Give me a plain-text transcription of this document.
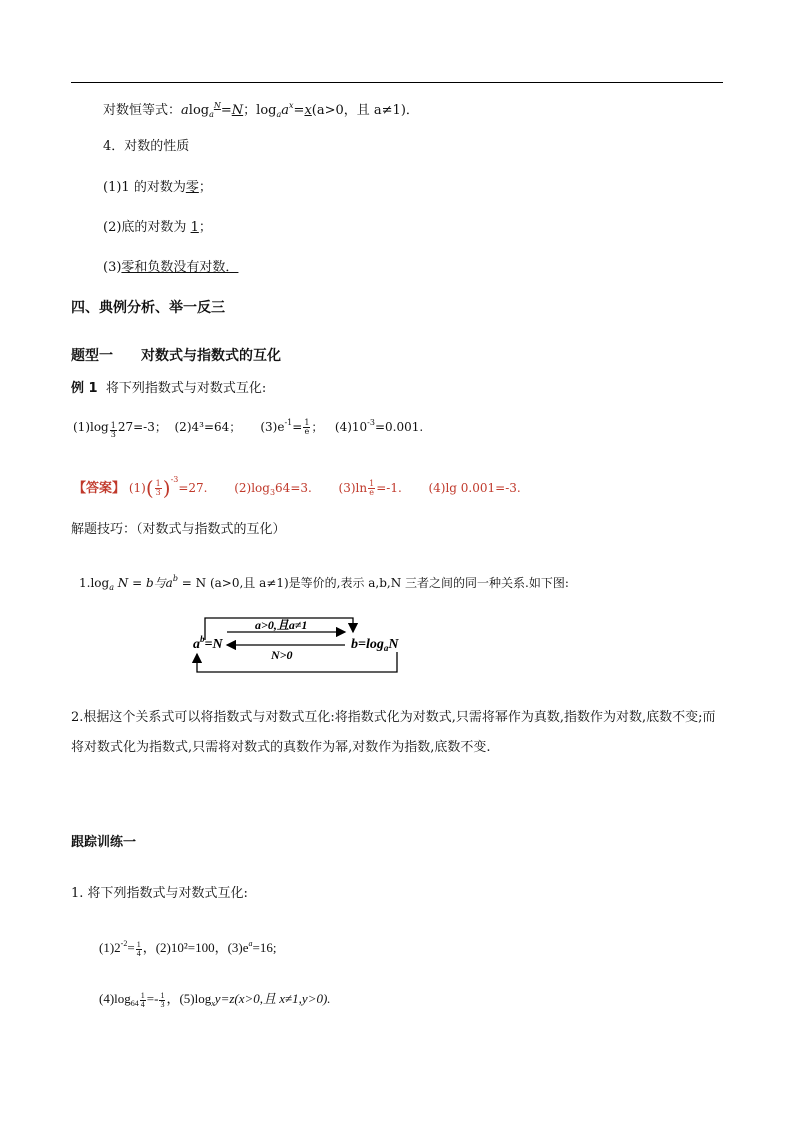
对数恒等式：alog$_a^N$=N；$\log_aa^x=x(a>0$，且 a≠1)．
4．对数的性质
(1)1 的对数为零；
(2)底的对数为 1；
(3)零和负数没有对数．
四、典例分析、举一反三
题型一 对数式与指数式的互化
例 1 将下列指数式与对数式互化:
$(1)\log \frac{1}{3} 27=-3$； (2)4³=64； $(3)e^{-1}= \frac{1}{e}$ ； $(4)10^{-3}=0.001$.
【答案】 $(1)( \frac{1}{3} )^{-3}=27$. $(2)\log_364=3$. $(3)\ln \frac{1}{e} =-1$. (4)lg 0.001=-3.
解题技巧：（对数式与指数式的互化）
$1.\log_a$ N = b与$a^b = N$ (a>0,且 a≠1)是等价的,表示 a,b,N 三者之间的同一种关系.如下图:
a>0,且a≠1
N>0
$a^b=N$	$b=\log_aN$
2.根据这个关系式可以将指数式与对数式互化:将指数式化为对数式,只需将幂作为真数,指数作为对数,底数不变;而将对数式化为指数式,只需将对数式的真数作为幂,对数作为指数,底数不变.
跟踪训练一
1. 将下列指数式与对数式互化:
$(1)2^{-2}= \frac{1}{4}$ ，(2)10²=100，$(3)e^a=16$;
$(4)\log_{64} \frac{1}{4} =- \frac{1}{3}$ ，$(5)\log_xy=z(x>0$,且 x≠1,y>0).
